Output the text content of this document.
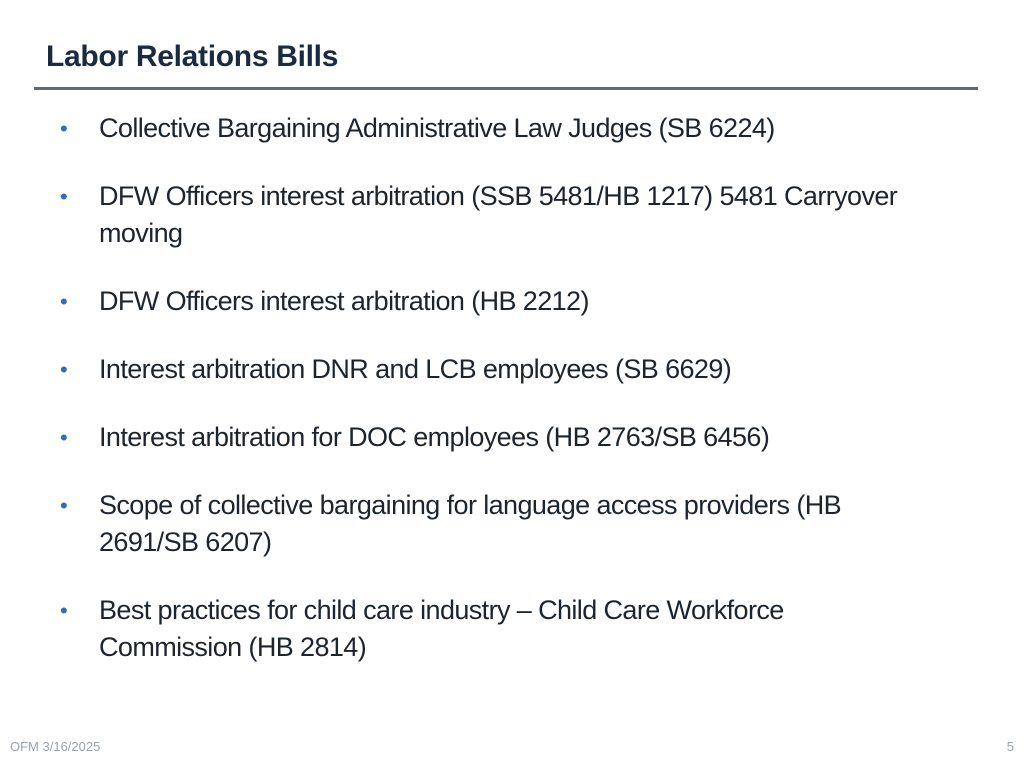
Labor Relations Bills
•	Collective Bargaining Administrative Law Judges (SB 6224)
•	DFW Officers interest arbitration (SSB 5481/HB 1217) 5481 Carryover moving
•	DFW Officers interest arbitration (HB 2212)
•	Interest arbitration DNR and LCB employees (SB 6629)
•	Interest arbitration for DOC employees (HB 2763/SB 6456)
•	Scope of collective bargaining for language access providers (HB 2691/SB 6207)
•	Best practices for child care industry – Child Care Workforce Commission (HB 2814)
OFM 3/16/2025	5
